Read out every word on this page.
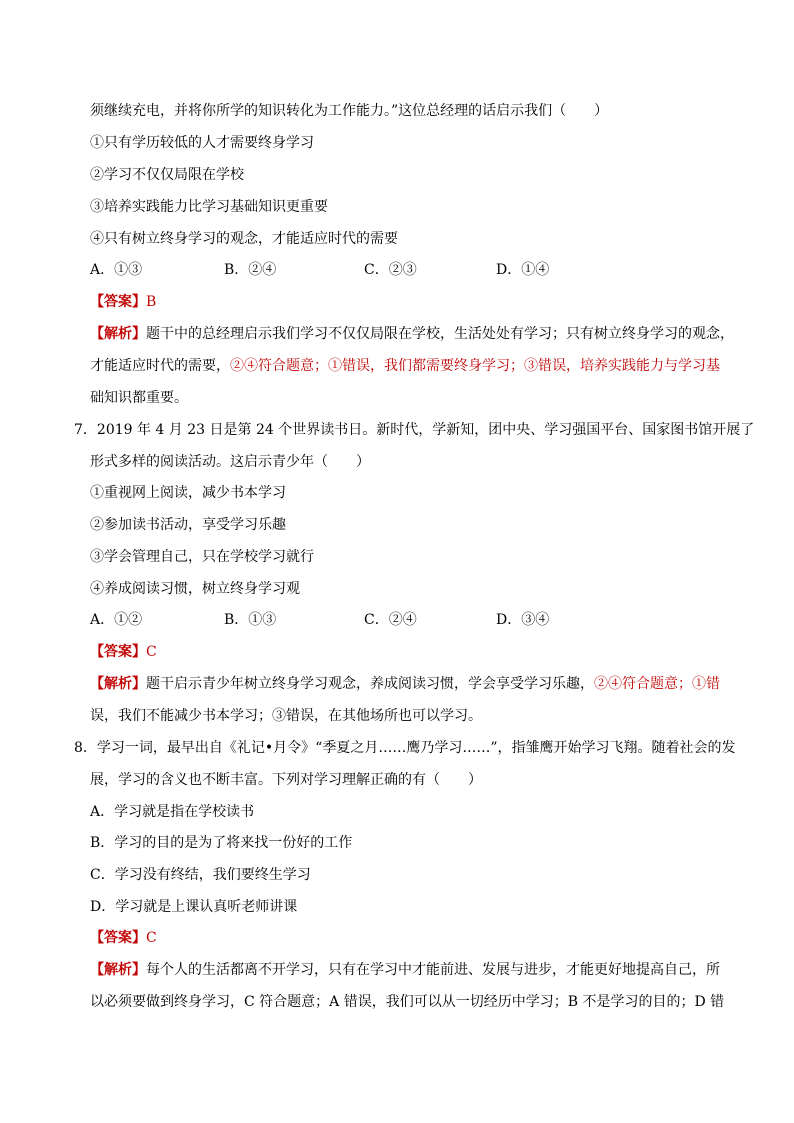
须继续充电，并将你所学的知识转化为工作能力。”这位总经理的话启示我们（　　）
①只有学历较低的人才需要终身学习
②学习不仅仅局限在学校
③培养实践能力比学习基础知识更重要
④只有树立终身学习的观念，才能适应时代的需要
A．①③	B．②④	C．②③	D．①④
【答案】B
【解析】题干中的总经理启示我们学习不仅仅局限在学校，生活处处有学习；只有树立终身学习的观念，
才能适应时代的需要，②④符合题意；①错误，我们都需要终身学习；③错误，培养实践能力与学习基
础知识都重要。
7．2019 年 4 月 23 日是第 24 个世界读书日。新时代，学新知，团中央、学习强国平台、国家图书馆开展了
形式多样的阅读活动。这启示青少年（　　）
①重视网上阅读，减少书本学习
②参加读书活动，享受学习乐趣
③学会管理自己，只在学校学习就行
④养成阅读习惯，树立终身学习观
A．①②	B．①③	C．②④	D．③④
【答案】C
【解析】题干启示青少年树立终身学习观念，养成阅读习惯，学会享受学习乐趣，②④符合题意；①错
误，我们不能减少书本学习；③错误，在其他场所也可以学习。
8．学习一词，最早出自《礼记•月令》“季夏之月……鹰乃学习……”，指雏鹰开始学习飞翔。随着社会的发
展，学习的含义也不断丰富。下列对学习理解正确的有（　　）
A．学习就是指在学校读书
B．学习的目的是为了将来找一份好的工作
C．学习没有终结，我们要终生学习
D．学习就是上课认真听老师讲课
【答案】C
【解析】每个人的生活都离不开学习，只有在学习中才能前进、发展与进步，才能更好地提高自己，所
以必须要做到终身学习，C 符合题意；A 错误，我们可以从一切经历中学习；B 不是学习的目的；D 错
